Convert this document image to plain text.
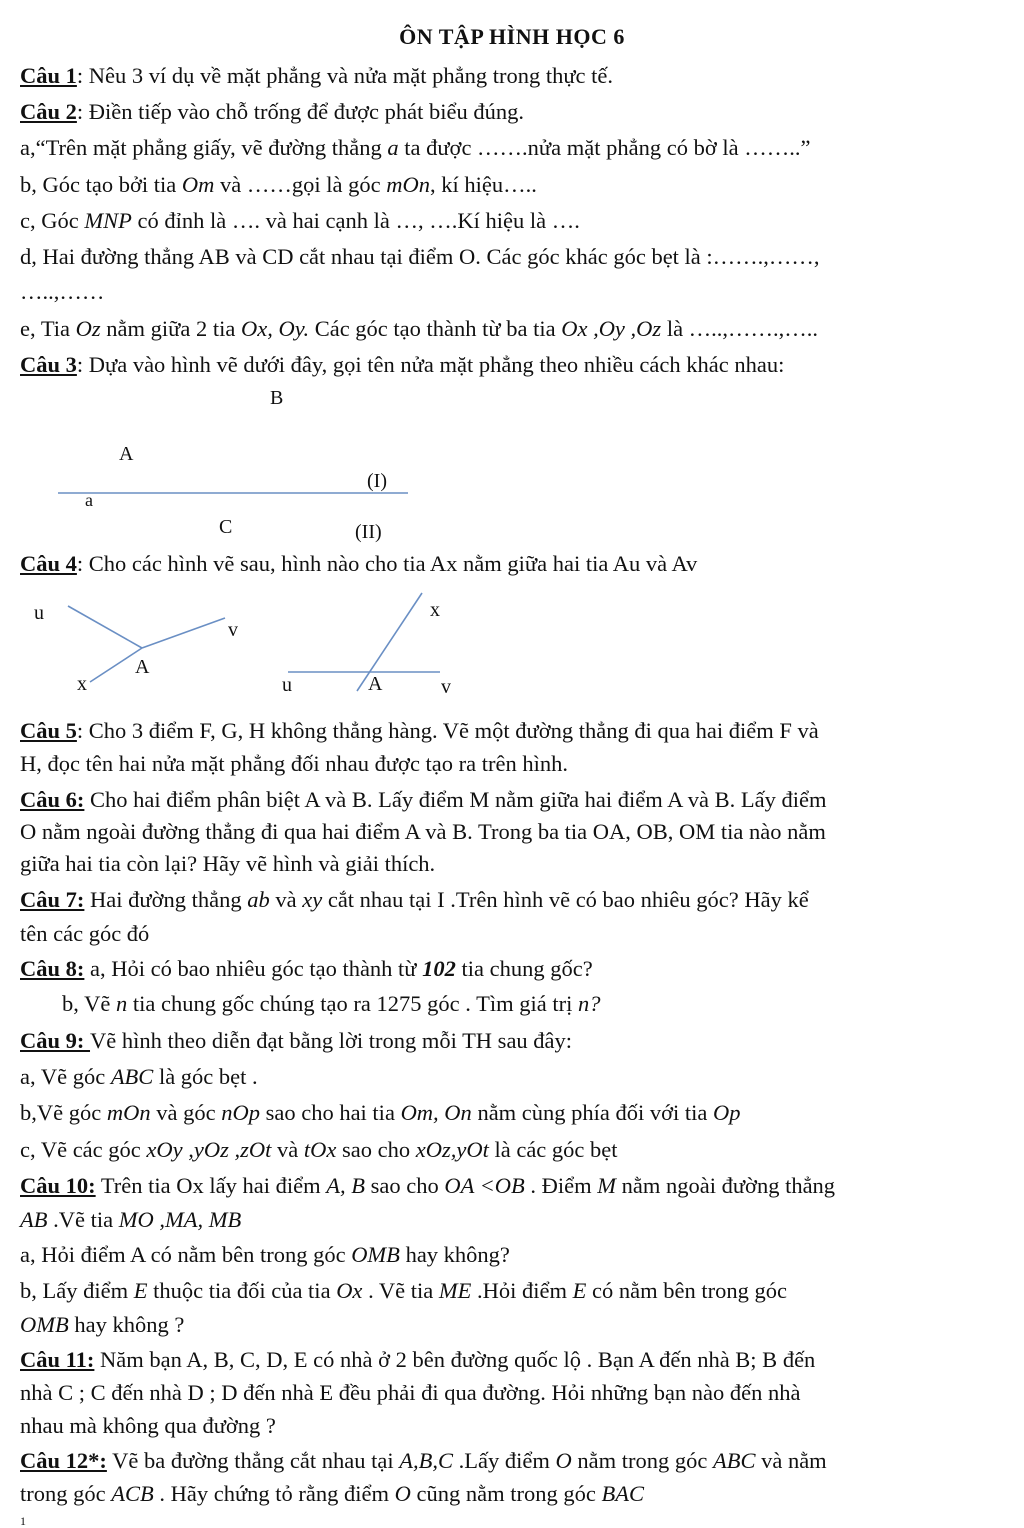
ÔN TẬP HÌNH HỌC 6
Câu 1: Nêu 3 ví dụ về mặt phẳng và nửa mặt phẳng trong thực tế.
Câu 2: Điền tiếp vào chỗ trống để được phát biểu đúng.
a,“Trên mặt phẳng giấy, vẽ đường thẳng a ta được …….nửa mặt phẳng có bờ là ……..”
b, Góc tạo bởi tia Om và ……gọi là góc mOn, kí hiệu…..
c, Góc MNP có đỉnh là …. và hai cạnh là …, ….Kí hiệu là ….
d, Hai đường thẳng AB và CD cắt nhau tại điểm O. Các góc khác góc bẹt là :…….,……,
…..,……
e, Tia Oz nằm giữa 2 tia Ox, Oy. Các góc tạo thành từ ba tia Ox ,Oy ,Oz là …..,…….,…..
Câu 3: Dựa vào hình vẽ dưới đây, gọi tên nửa mặt phẳng theo nhiều cách khác nhau:
B
A
a
(I)
C	(II)
Câu 4: Cho các hình vẽ sau, hình nào cho tia Ax nằm giữa hai tia Au và Av
u
v
A
x
x
u	A	v
Câu 5: Cho 3 điểm F, G, H không thẳng hàng. Vẽ một đường thẳng đi qua hai điểm F và
H, đọc tên hai nửa mặt phẳng đối nhau được tạo ra trên hình.
Câu 6: Cho hai điểm phân biệt A và B. Lấy điểm M nằm giữa hai điểm A và B. Lấy điểm
O nằm ngoài đường thẳng đi qua hai điểm A và B. Trong ba tia OA, OB, OM tia nào nằm
giữa hai tia còn lại? Hãy vẽ hình và giải thích.
Câu 7: Hai đường thẳng ab và xy cắt nhau tại I .Trên hình vẽ có bao nhiêu góc? Hãy kể
tên các góc đó
Câu 8: a, Hỏi có bao nhiêu góc tạo thành từ 102 tia chung gốc?
b, Vẽ n tia chung gốc chúng tạo ra 1275 góc . Tìm giá trị n?
Câu 9: Vẽ hình theo diễn đạt bằng lời trong mỗi TH sau đây:
a, Vẽ góc ABC là góc bẹt .
b,Vẽ góc mOn và góc nOp sao cho hai tia Om, On nằm cùng phía đối với tia Op
c, Vẽ các góc xOy ,yOz ,zOt và tOx sao cho xOz,yOt là các góc bẹt
Câu 10: Trên tia Ox lấy hai điểm A, B sao cho OA <OB . Điểm M nằm ngoài đường thẳng
AB .Vẽ tia MO ,MA, MB
a, Hỏi điểm A có nằm bên trong góc OMB hay không?
b, Lấy điểm E thuộc tia đối của tia Ox . Vẽ tia ME .Hỏi điểm E có nằm bên trong góc
OMB hay không ?
Câu 11: Năm bạn A, B, C, D, E có nhà ở 2 bên đường quốc lộ . Bạn A đến nhà B; B đến
nhà C ; C đến nhà D ; D đến nhà E đều phải đi qua đường. Hỏi những bạn nào đến nhà
nhau mà không qua đường ?
Câu 12*: Vẽ ba đường thẳng cắt nhau tại A,B,C .Lấy điểm O nằm trong góc ABC và nằm
trong góc ACB . Hãy chứng tỏ rằng điểm O cũng nằm trong góc BAC
1
